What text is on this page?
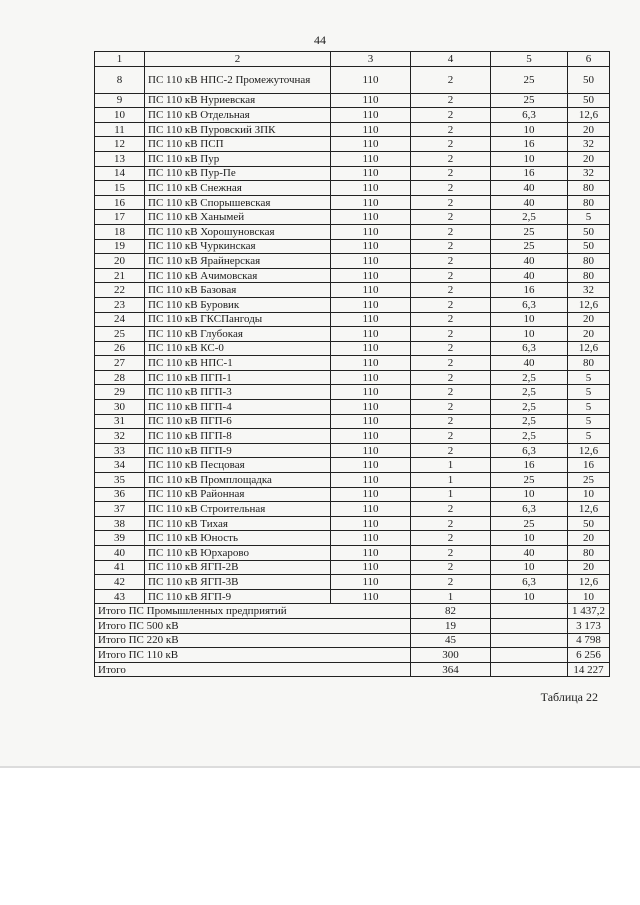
44
1	2	3	4	5	6
8	ПС 110 кВ НПС-2 Промежуточная	110	2	25	50
9	ПС 110 кВ Нуриевская	110	2	25	50
10	ПС 110 кВ Отдельная	110	2	6,3	12,6
11	ПС 110 кВ Пуровский ЗПК	110	2	10	20
12	ПС 110 кВ ПСП	110	2	16	32
13	ПС 110 кВ Пур	110	2	10	20
14	ПС 110 кВ Пур-Пе	110	2	16	32
15	ПС 110 кВ Снежная	110	2	40	80
16	ПС 110 кВ Спорышевская	110	2	40	80
17	ПС 110 кВ Ханымей	110	2	2,5	5
18	ПС 110 кВ Хорошуновская	110	2	25	50
19	ПС 110 кВ Чуркинская	110	2	25	50
20	ПС 110 кВ Ярайнерская	110	2	40	80
21	ПС 110 кВ Ачимовская	110	2	40	80
22	ПС 110 кВ Базовая	110	2	16	32
23	ПС 110 кВ Буровик	110	2	6,3	12,6
24	ПС 110 кВ ГКСПангоды	110	2	10	20
25	ПС 110 кВ Глубокая	110	2	10	20
26	ПС 110 кВ КС-0	110	2	6,3	12,6
27	ПС 110 кВ НПС-1	110	2	40	80
28	ПС 110 кВ ПГП-1	110	2	2,5	5
29	ПС 110 кВ ПГП-3	110	2	2,5	5
30	ПС 110 кВ ПГП-4	110	2	2,5	5
31	ПС 110 кВ ПГП-6	110	2	2,5	5
32	ПС 110 кВ ПГП-8	110	2	2,5	5
33	ПС 110 кВ ПГП-9	110	2	6,3	12,6
34	ПС 110 кВ Песцовая	110	1	16	16
35	ПС 110 кВ Промплощадка	110	1	25	25
36	ПС 110 кВ Районная	110	1	10	10
37	ПС 110 кВ Строительная	110	2	6,3	12,6
38	ПС 110 кВ Тихая	110	2	25	50
39	ПС 110 кВ Юность	110	2	10	20
40	ПС 110 кВ Юрхарово	110	2	40	80
41	ПС 110 кВ ЯГП-2В	110	2	10	20
42	ПС 110 кВ ЯГП-3В	110	2	6,3	12,6
43	ПС 110 кВ ЯГП-9	110	1	10	10
Итого ПС Промышленных предприятий			82		1 437,2
Итого ПС 500 кВ			19		3 173
Итого ПС 220 кВ			45		4 798
Итого ПС 110 кВ			300		6 256
Итого			364		14 227
Таблица 22
